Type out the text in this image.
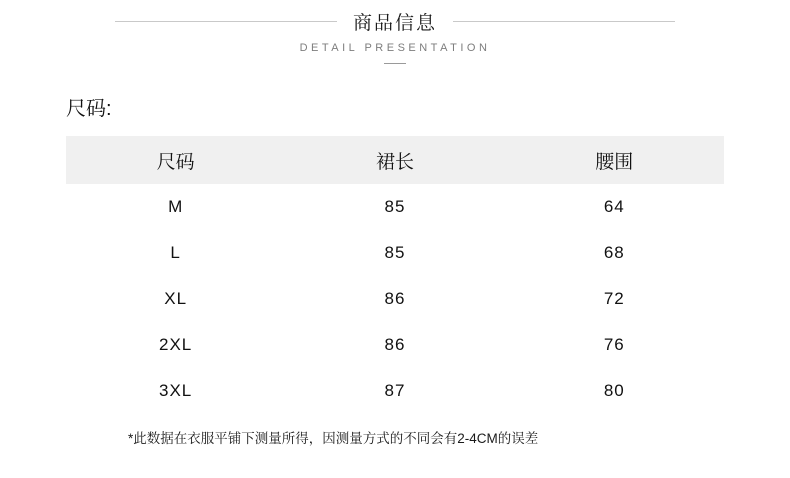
商品信息
DETAIL PRESENTATION
尺码:
尺码	裙长	腰围
M	85	64
L	85	68
XL	86	72
2XL	86	76
3XL	87	80
*此数据在衣服平铺下测量所得，因测量方式的不同会有2-4CM的误差
